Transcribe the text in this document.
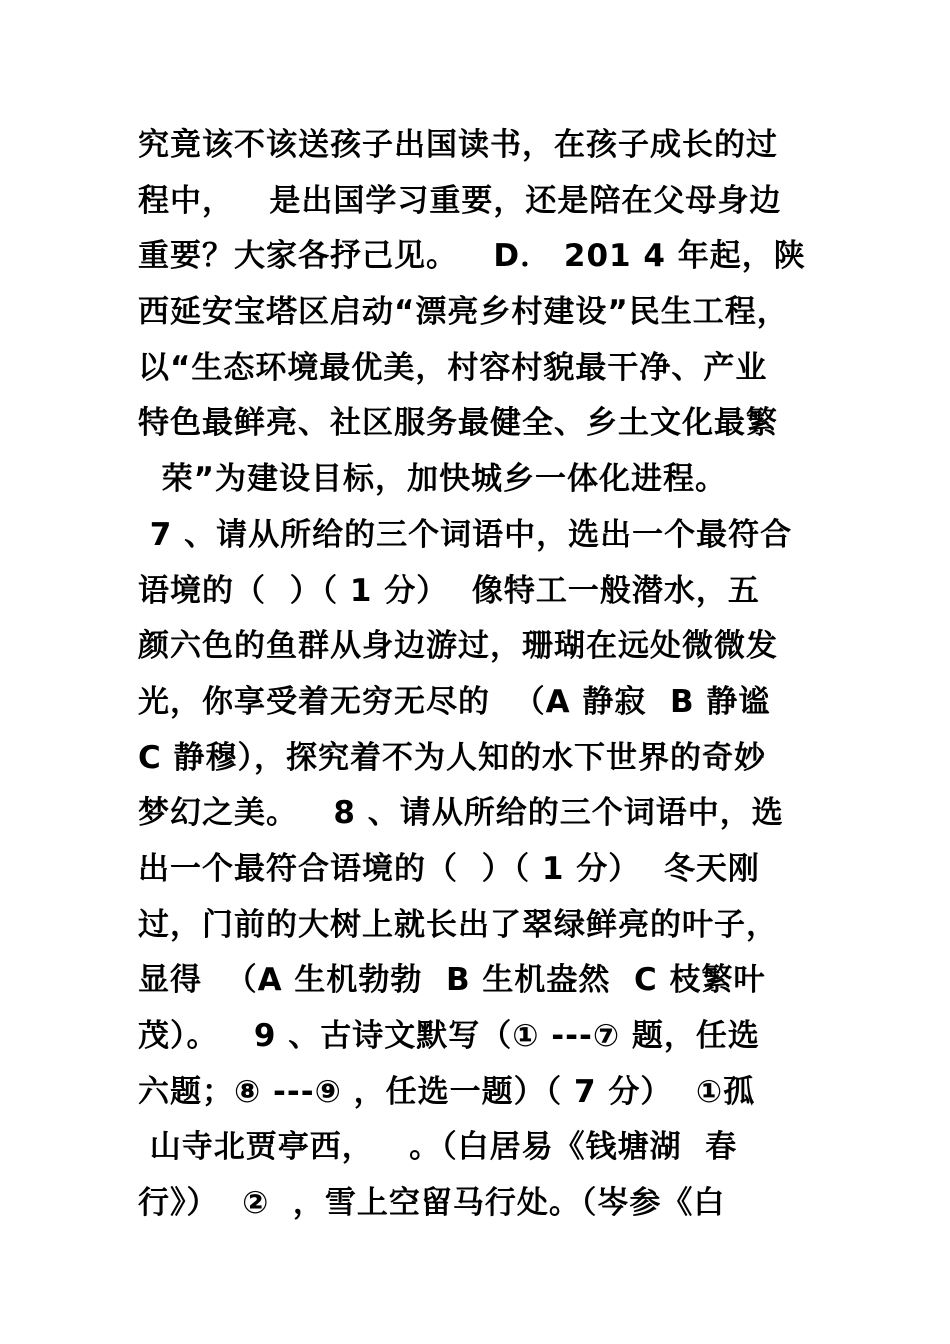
究竟该不该送孩子出国读书，在孩子成长的过
程中，   是出国学习重要，还是陪在父母身边
重要？大家各抒己见。   D． 201 4 年起，陕
西延安宝塔区启动“漂亮乡村建设”民生工程，
以“生态环境最优美，村容村貌最干净、产业
特色最鲜亮、社区服务最健全、乡土文化最繁
荣”为建设目标，加快城乡一体化进程。
7 、请从所给的三个词语中，选出一个最符合
语境的（  ）（ 1 分）  像特工一般潜水，五
颜六色的鱼群从身边游过，珊瑚在远处微微发
光，你享受着无穷无尽的  （A 静寂  B 静谧
C 静穆），探究着不为人知的水下世界的奇妙
梦幻之美。   8 、请从所给的三个词语中，选
出一个最符合语境的（  ）（ 1 分）  冬天刚
过，门前的大树上就长出了翠绿鲜亮的叶子，
显得  （A 生机勃勃  B 生机盎然  C 枝繁叶
茂）。   9 、古诗文默写（① ---⑦ 题，任选
六题；⑧ ---⑨ ，任选一题）（ 7 分）  ①孤
山寺北贾亭西，   。（白居易《钱塘湖  春
行》）  ②  ，雪上空留马行处。（岑参《白
